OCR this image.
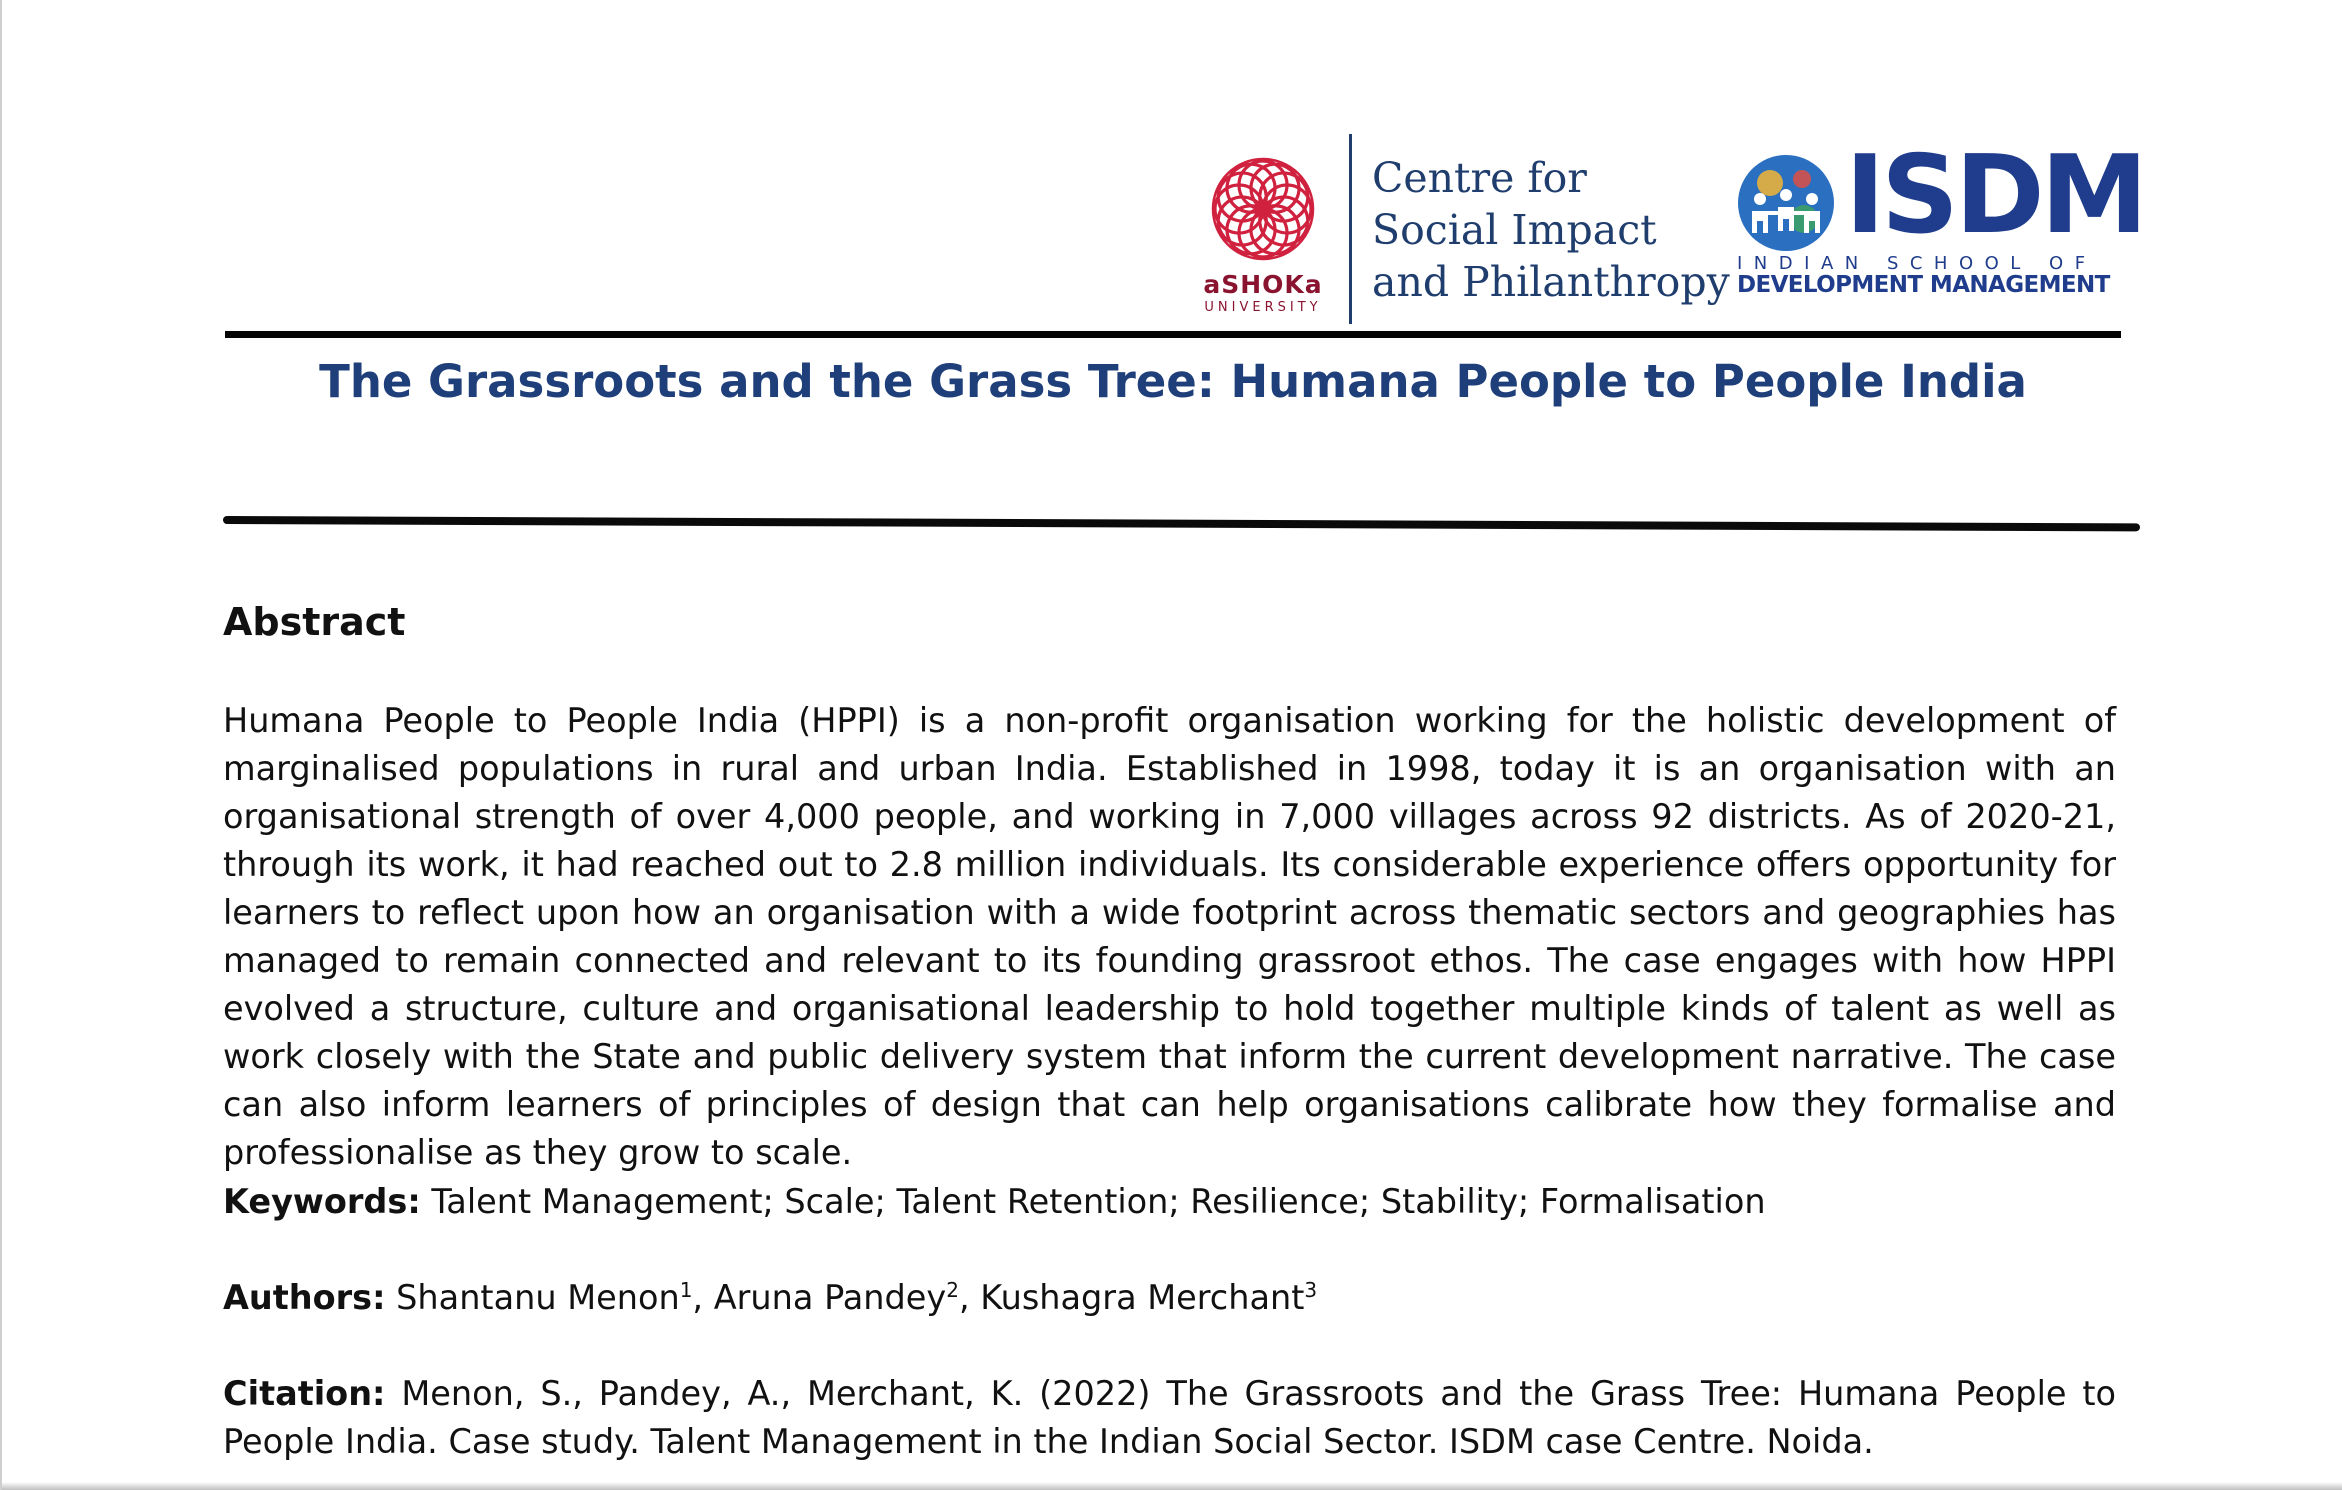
aSHOKa
UNIVERSITY
Centre for
Social Impact
and Philanthropy
ISDM
INDIAN SCHOOL OF
DEVELOPMENT MANAGEMENT
The Grassroots and the Grass Tree: Humana People to People India
Abstract
Humana People to People India (HPPI) is a non-profit organisation working for the holistic development of marginalised populations in rural and urban India. Established in 1998, today it is an organisation with an organisational strength of over 4,000 people, and working in 7,000 villages across 92 districts. As of 2020-21, through its work, it had reached out to 2.8 million individuals. Its considerable experience offers opportunity for learners to reflect upon how an organisation with a wide footprint across thematic sectors and geographies has managed to remain connected and relevant to its founding grassroot ethos. The case engages with how HPPI evolved a structure, culture and organisational leadership to hold together multiple kinds of talent as well as work closely with the State and public delivery system that inform the current development narrative. The case can also inform learners of principles of design that can help organisations calibrate how they formalise and professionalise as they grow to scale.
Keywords: Talent Management; Scale; Talent Retention; Resilience; Stability; Formalisation
Authors: Shantanu Menon$^1$, Aruna Pandey$^2$, Kushagra Merchant$^3$
Citation: Menon, S., Pandey, A., Merchant, K. (2022) The Grassroots and the Grass Tree: Humana People to People India. Case study. Talent Management in the Indian Social Sector. ISDM case Centre. Noida.
